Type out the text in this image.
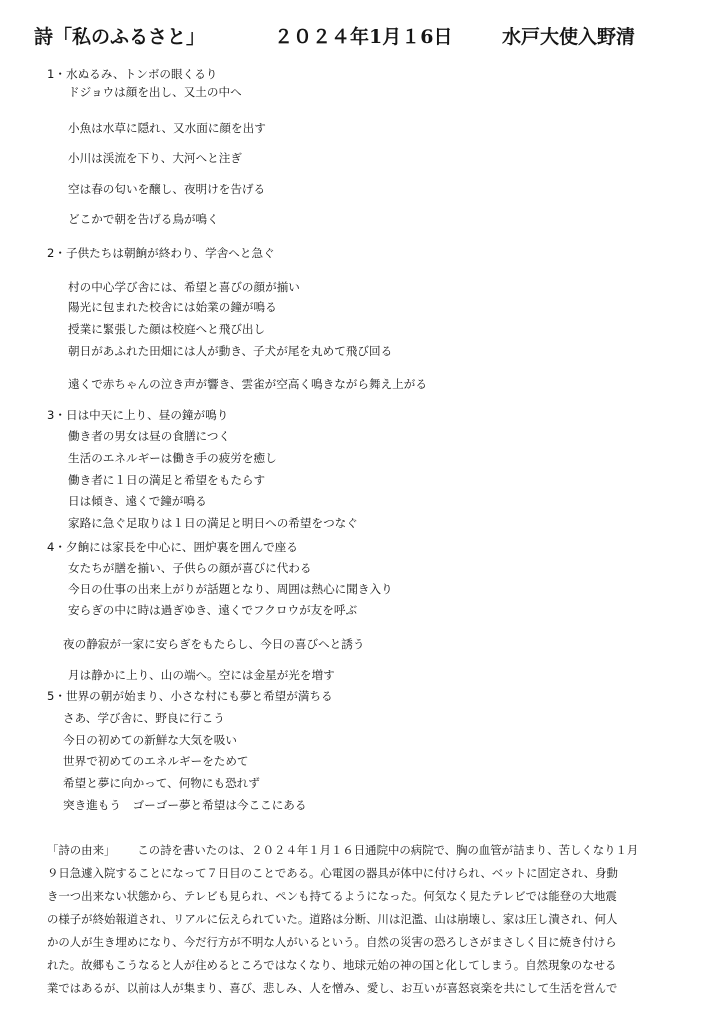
詩「私のふるさと」	２０２４年1月１6日	水戸大使入野清
1・水ぬるみ、トンボの眼くるり
ドジョウは顔を出し、又土の中へ
小魚は水草に隠れ、又水面に顔を出す
小川は渓流を下り、大河へと注ぎ
空は春の匂いを醸し、夜明けを告げる
どこかで朝を告げる鳥が鳴く
2・子供たちは朝餉が終わり、学舎へと急ぐ
村の中心学び舎には、希望と喜びの顔が揃い
陽光に包まれた校舎には始業の鐘が鳴る
授業に緊張した顔は校庭へと飛び出し
朝日があふれた田畑には人が動き、子犬が尾を丸めて飛び回る
遠くで赤ちゃんの泣き声が響き、雲雀が空高く鳴きながら舞え上がる
3・日は中天に上り、昼の鐘が鳴り
働き者の男女は昼の食膳につく
生活のエネルギーは働き手の疲労を癒し
働き者に１日の満足と希望をもたらす
日は傾き、遠くで鐘が鳴る
家路に急ぐ足取りは１日の満足と明日への希望をつなぐ
4・夕餉には家長を中心に、囲炉裏を囲んで座る
女たちが膳を揃い、子供らの顔が喜びに代わる
今日の仕事の出来上がりが話題となり、周囲は熱心に聞き入り
安らぎの中に時は過ぎゆき、遠くでフクロウが友を呼ぶ
夜の静寂が一家に安らぎをもたらし、今日の喜びへと誘う
月は静かに上り、山の端へ。空には金星が光を増す
5・世界の朝が始まり、小さな村にも夢と希望が満ちる
さあ、学び舎に、野良に行こう
今日の初めての新鮮な大気を吸い
世界で初めてのエネルギーをためて
希望と夢に向かって、何物にも恐れず
突き進もう　ゴーゴー夢と希望は今ここにある
「詩の由来」 この詩を書いたのは、２０２４年１月１６日通院中の病院で、胸の血管が詰まり、苦しくなり１月
９日急遽入院することになって７日目のことである。心電図の器具が体中に付けられ、ベットに固定され、身動
き一つ出来ない状態から、テレビも見られ、ペンも持てるようになった。何気なく見たテレビでは能登の大地震
の様子が終始報道され、リアルに伝えられていた。道路は分断、川は氾濫、山は崩壊し、家は圧し潰され、何人
かの人が生き埋めになり、今だ行方が不明な人がいるという。自然の災害の恐ろしさがまさしく目に焼き付けら
れた。故郷もこうなると人が住めるところではなくなり、地球元始の神の国と化してしまう。自然現象のなせる
業ではあるが、以前は人が集まり、喜び、悲しみ、人を憎み、愛し、お互いが喜怒哀楽を共にして生活を営んで
